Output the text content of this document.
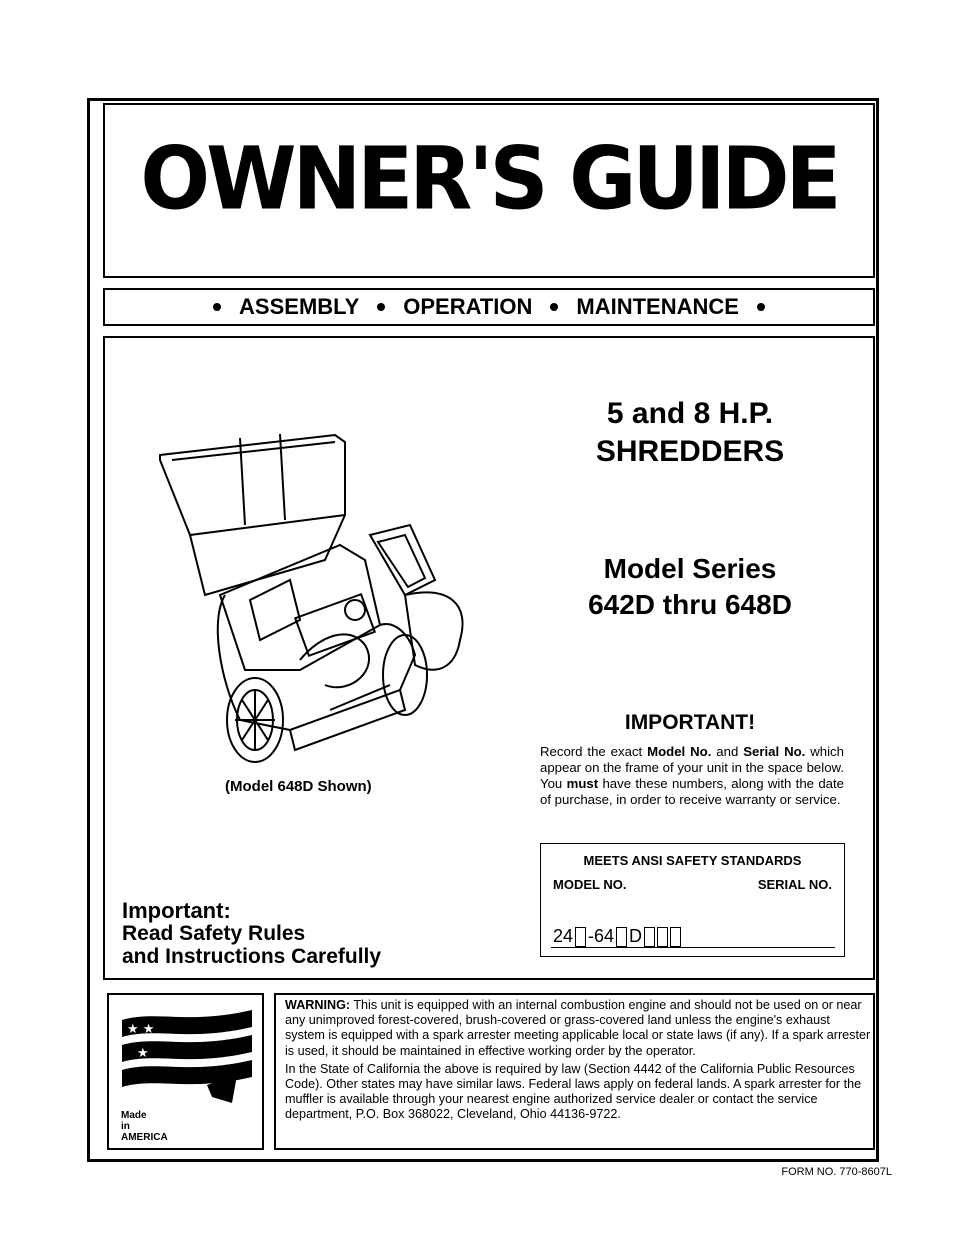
OWNER'S GUIDE
ASSEMBLY OPERATION MAINTENANCE
5 and 8 H.P.
SHREDDERS
Model Series
642D thru 648D
(Model 648D Shown)
IMPORTANT!
Record the exact Model No. and Serial No. which appear on the frame of your unit in the space below. You must have these numbers, along with the date of purchase, in order to receive warranty or service.
MEETS ANSI SAFETY STANDARDS
MODEL NO.	SERIAL NO.
24 -64 D
Important:
Read Safety Rules
and Instructions Carefully
★ ★
★
Made
in
AMERICA

WARNING: This unit is equipped with an internal combustion engine and should not be used on or near any unimproved forest-covered, brush-covered or grass-covered land unless the engine's exhaust system is equipped with a spark arrester meeting applicable local or state laws (if any). If a spark arrester is used, it should be maintained in effective working order by the operator.

In the State of California the above is required by law (Section 4442 of the California Public Resources Code). Other states may have similar laws. Federal laws apply on federal lands. A spark arrester for the muffler is available through your nearest engine authorized service dealer or contact the service department, P.O. Box 368022, Cleveland, Ohio 44136-9722.

FORM NO. 770-8607L
